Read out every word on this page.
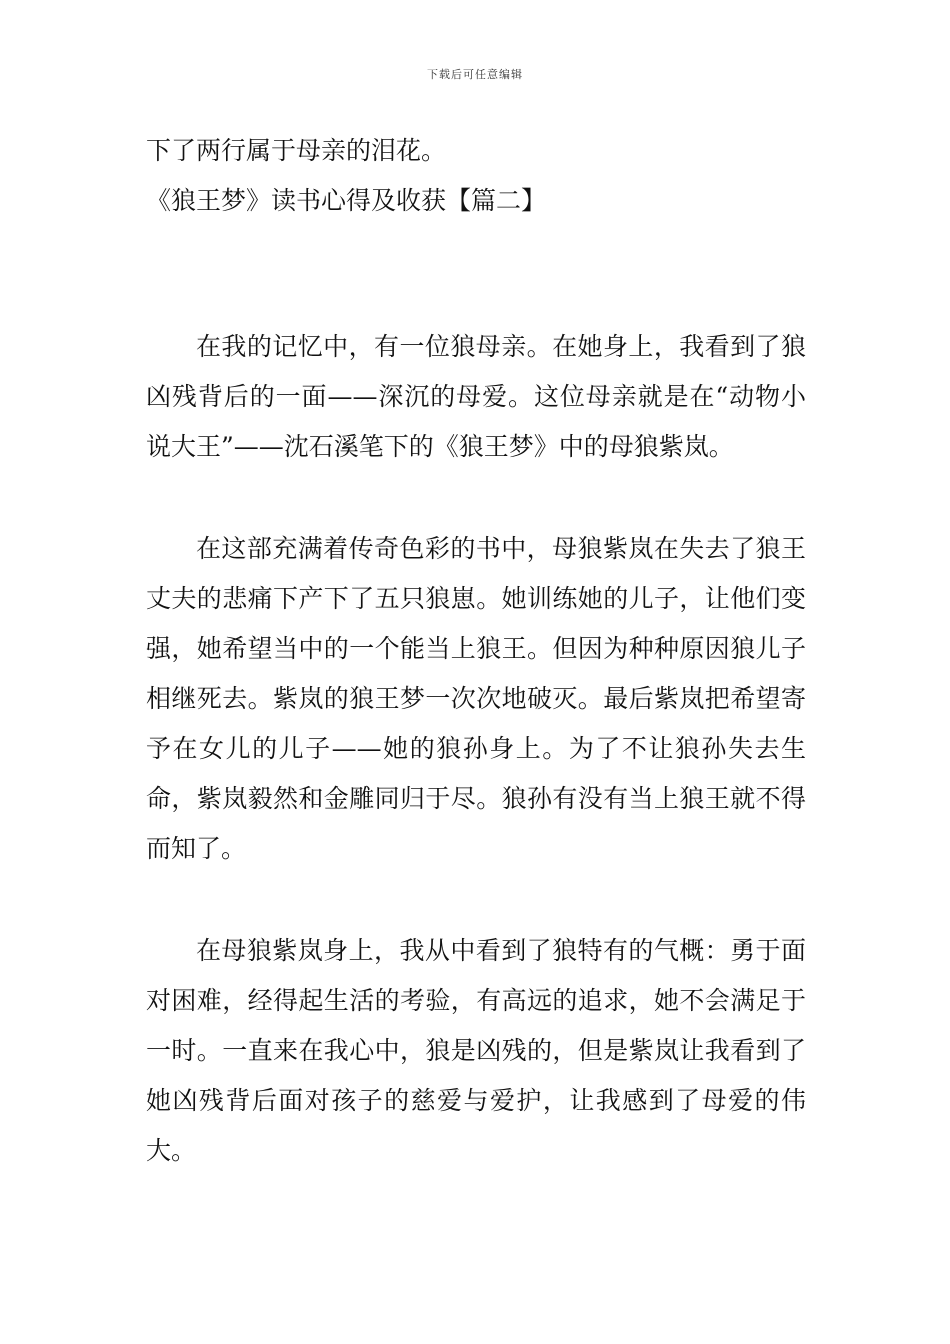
下载后可任意编辑

下了两行属于母亲的泪花。

《狼王梦》读书心得及收获【篇二】

在我的记忆中，有一位狼母亲。在她身上，我看到了狼凶残背后的一面——深沉的母爱。这位母亲就是在“动物小说大王”——沈石溪笔下的《狼王梦》中的母狼紫岚。

在这部充满着传奇色彩的书中，母狼紫岚在失去了狼王丈夫的悲痛下产下了五只狼崽。她训练她的儿子，让他们变强，她希望当中的一个能当上狼王。但因为种种原因狼儿子相继死去。紫岚的狼王梦一次次地破灭。最后紫岚把希望寄予在女儿的儿子——她的狼孙身上。为了不让狼孙失去生命，紫岚毅然和金雕同归于尽。狼孙有没有当上狼王就不得而知了。

在母狼紫岚身上，我从中看到了狼特有的气概：勇于面对困难，经得起生活的考验，有高远的追求，她不会满足于一时。一直来在我心中，狼是凶残的，但是紫岚让我看到了她凶残背后面对孩子的慈爱与爱护，让我感到了母爱的伟大。
